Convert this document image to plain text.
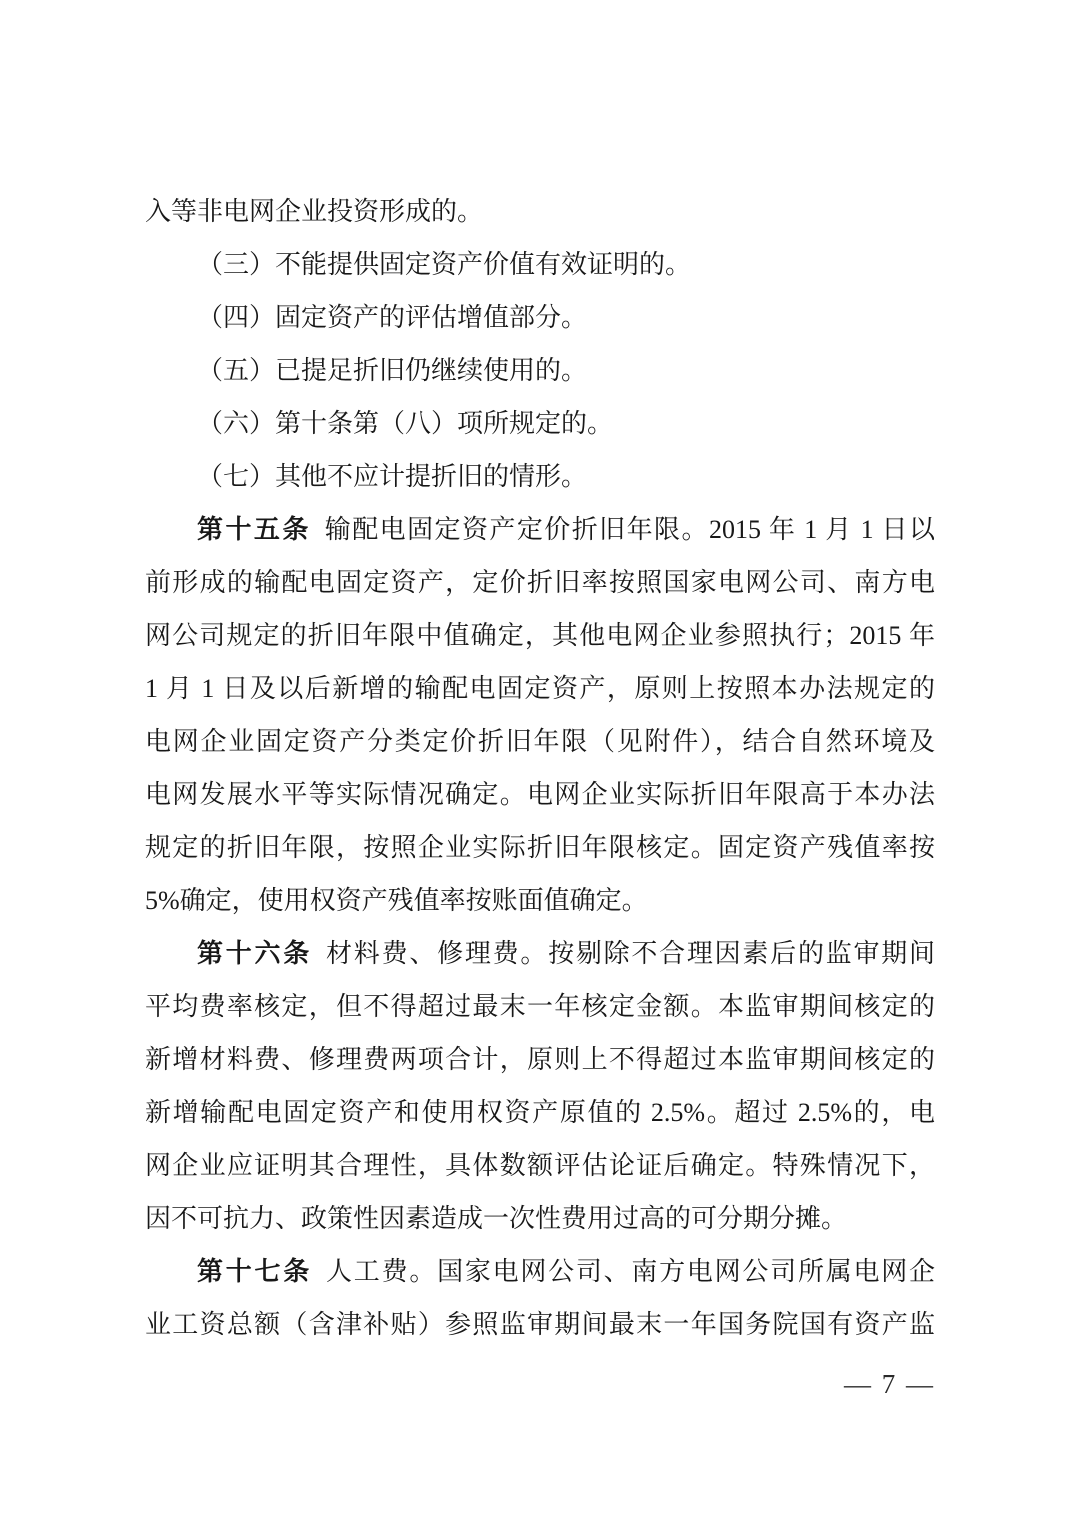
入等非电网企业投资形成的。
（三）不能提供固定资产价值有效证明的。
（四）固定资产的评估增值部分。
（五）已提足折旧仍继续使用的。
（六）第十条第（八）项所规定的。
（七）其他不应计提折旧的情形。
第十五条 输配电固定资产定价折旧年限。2015 年 1 月 1 日以
前形成的输配电固定资产，定价折旧率按照国家电网公司、南方电
网公司规定的折旧年限中值确定，其他电网企业参照执行；2015 年
1 月 1 日及以后新增的输配电固定资产，原则上按照本办法规定的
电网企业固定资产分类定价折旧年限（见附件），结合自然环境及
电网发展水平等实际情况确定。电网企业实际折旧年限高于本办法
规定的折旧年限，按照企业实际折旧年限核定。固定资产残值率按
5%确定，使用权资产残值率按账面值确定。
第十六条 材料费、修理费。按剔除不合理因素后的监审期间
平均费率核定，但不得超过最末一年核定金额。本监审期间核定的
新增材料费、修理费两项合计，原则上不得超过本监审期间核定的
新增输配电固定资产和使用权资产原值的 2.5%。超过 2.5%的，电
网企业应证明其合理性，具体数额评估论证后确定。特殊情况下，
因不可抗力、政策性因素造成一次性费用过高的可分期分摊。
第十七条 人工费。国家电网公司、南方电网公司所属电网企
业工资总额（含津补贴）参照监审期间最末一年国务院国有资产监
— 7 —
